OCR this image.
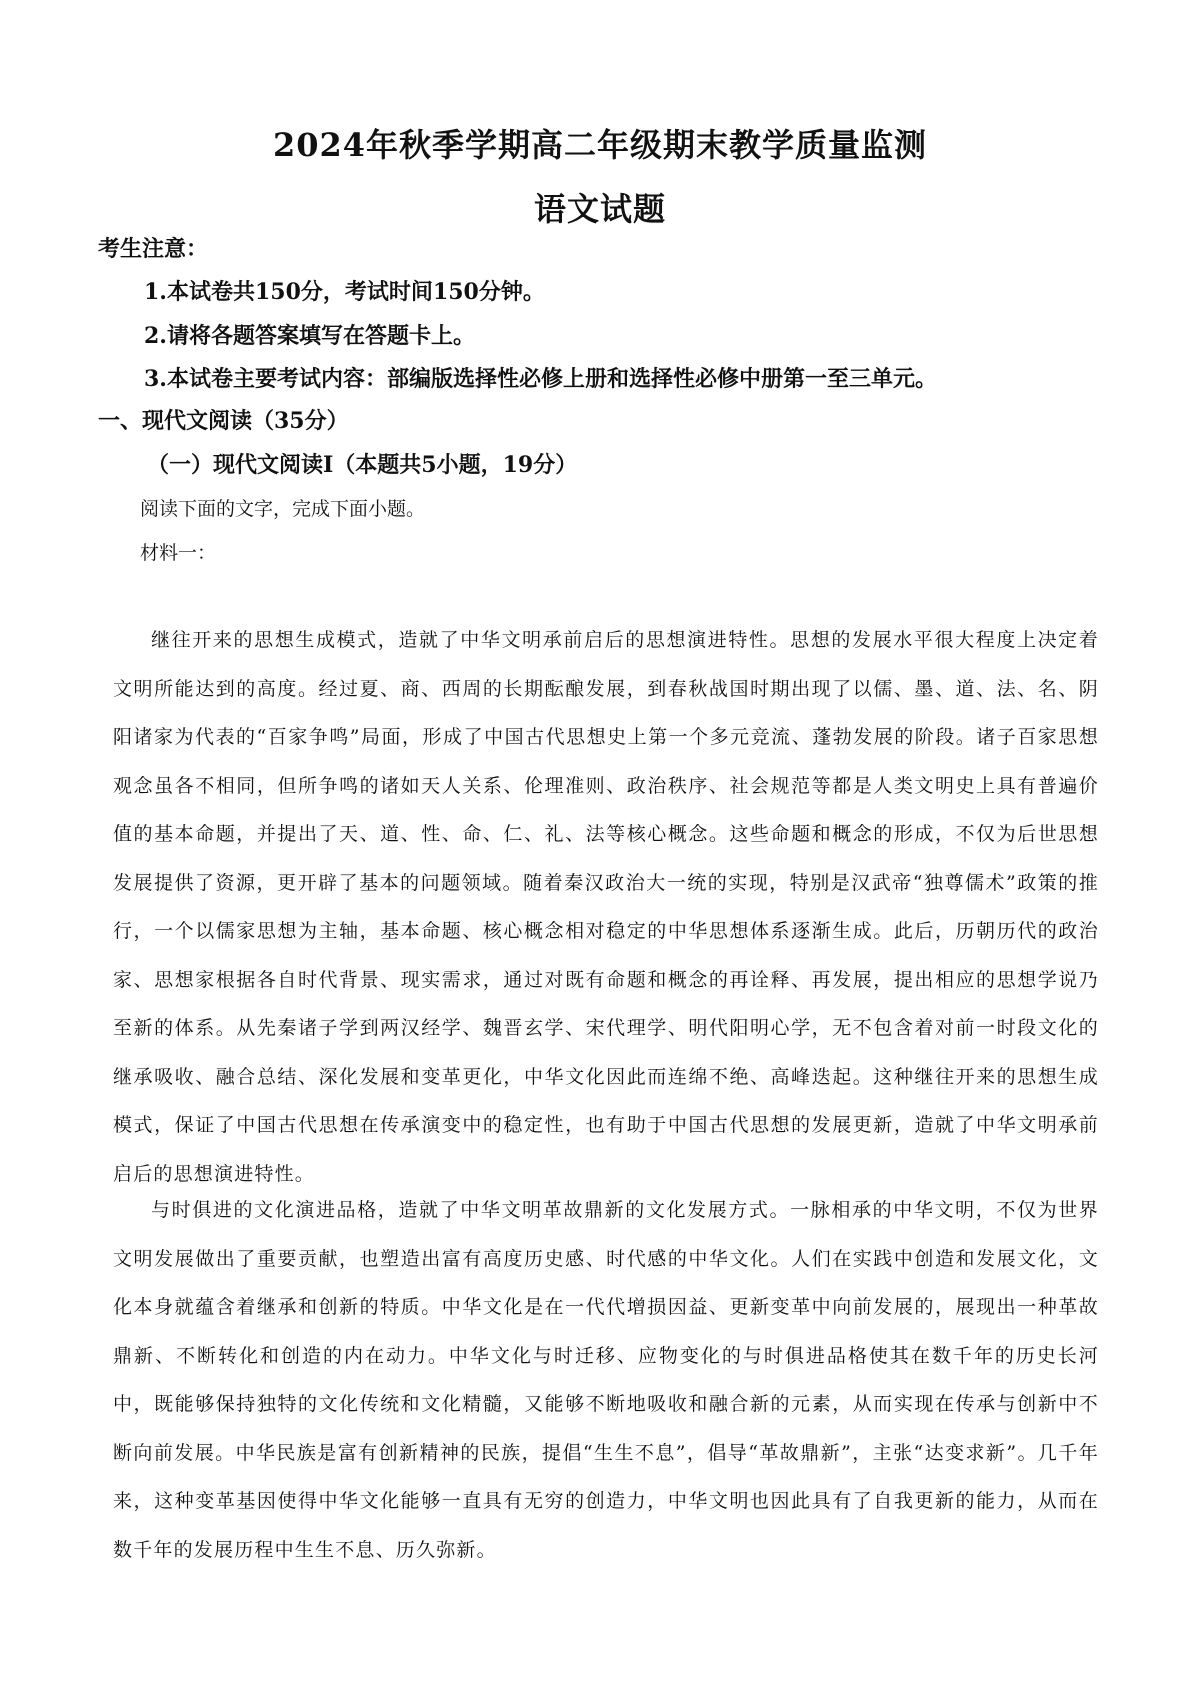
2024年秋季学期高二年级期末教学质量监测
语文试题
考生注意：
1.本试卷共150分，考试时间150分钟。
2.请将各题答案填写在答题卡上。
3.本试卷主要考试内容：部编版选择性必修上册和选择性必修中册第一至三单元。
一、现代文阅读（35分）
（一）现代文阅读Ⅰ（本题共5小题，19分）
阅读下面的文字，完成下面小题。
材料一：
继往开来的思想生成模式，造就了中华文明承前启后的思想演进特性。思想的发展水平很大程度上决定着文明所能达到的高度。经过夏、商、西周的长期酝酿发展，到春秋战国时期出现了以儒、墨、道、法、名、阴阳诸家为代表的“百家争鸣”局面，形成了中国古代思想史上第一个多元竞流、蓬勃发展的阶段。诸子百家思想观念虽各不相同，但所争鸣的诸如天人关系、伦理准则、政治秩序、社会规范等都是人类文明史上具有普遍价值的基本命题，并提出了天、道、性、命、仁、礼、法等核心概念。这些命题和概念的形成，不仅为后世思想发展提供了资源，更开辟了基本的问题领域。随着秦汉政治大一统的实现，特别是汉武帝“独尊儒术”政策的推行，一个以儒家思想为主轴，基本命题、核心概念相对稳定的中华思想体系逐渐生成。此后，历朝历代的政治家、思想家根据各自时代背景、现实需求，通过对既有命题和概念的再诠释、再发展，提出相应的思想学说乃至新的体系。从先秦诸子学到两汉经学、魏晋玄学、宋代理学、明代阳明心学，无不包含着对前一时段文化的继承吸收、融合总结、深化发展和变革更化，中华文化因此而连绵不绝、高峰迭起。这种继往开来的思想生成模式，保证了中国古代思想在传承演变中的稳定性，也有助于中国古代思想的发展更新，造就了中华文明承前启后的思想演进特性。
与时俱进的文化演进品格，造就了中华文明革故鼎新的文化发展方式。一脉相承的中华文明，不仅为世界文明发展做出了重要贡献，也塑造出富有高度历史感、时代感的中华文化。人们在实践中创造和发展文化，文化本身就蕴含着继承和创新的特质。中华文化是在一代代增损因益、更新变革中向前发展的，展现出一种革故鼎新、不断转化和创造的内在动力。中华文化与时迁移、应物变化的与时俱进品格使其在数千年的历史长河中，既能够保持独特的文化传统和文化精髓，又能够不断地吸收和融合新的元素，从而实现在传承与创新中不断向前发展。中华民族是富有创新精神的民族，提倡“生生不息”，倡导“革故鼎新”，主张“达变求新”。几千年来，这种变革基因使得中华文化能够一直具有无穷的创造力，中华文明也因此具有了自我更新的能力，从而在数千年的发展历程中生生不息、历久弥新。
